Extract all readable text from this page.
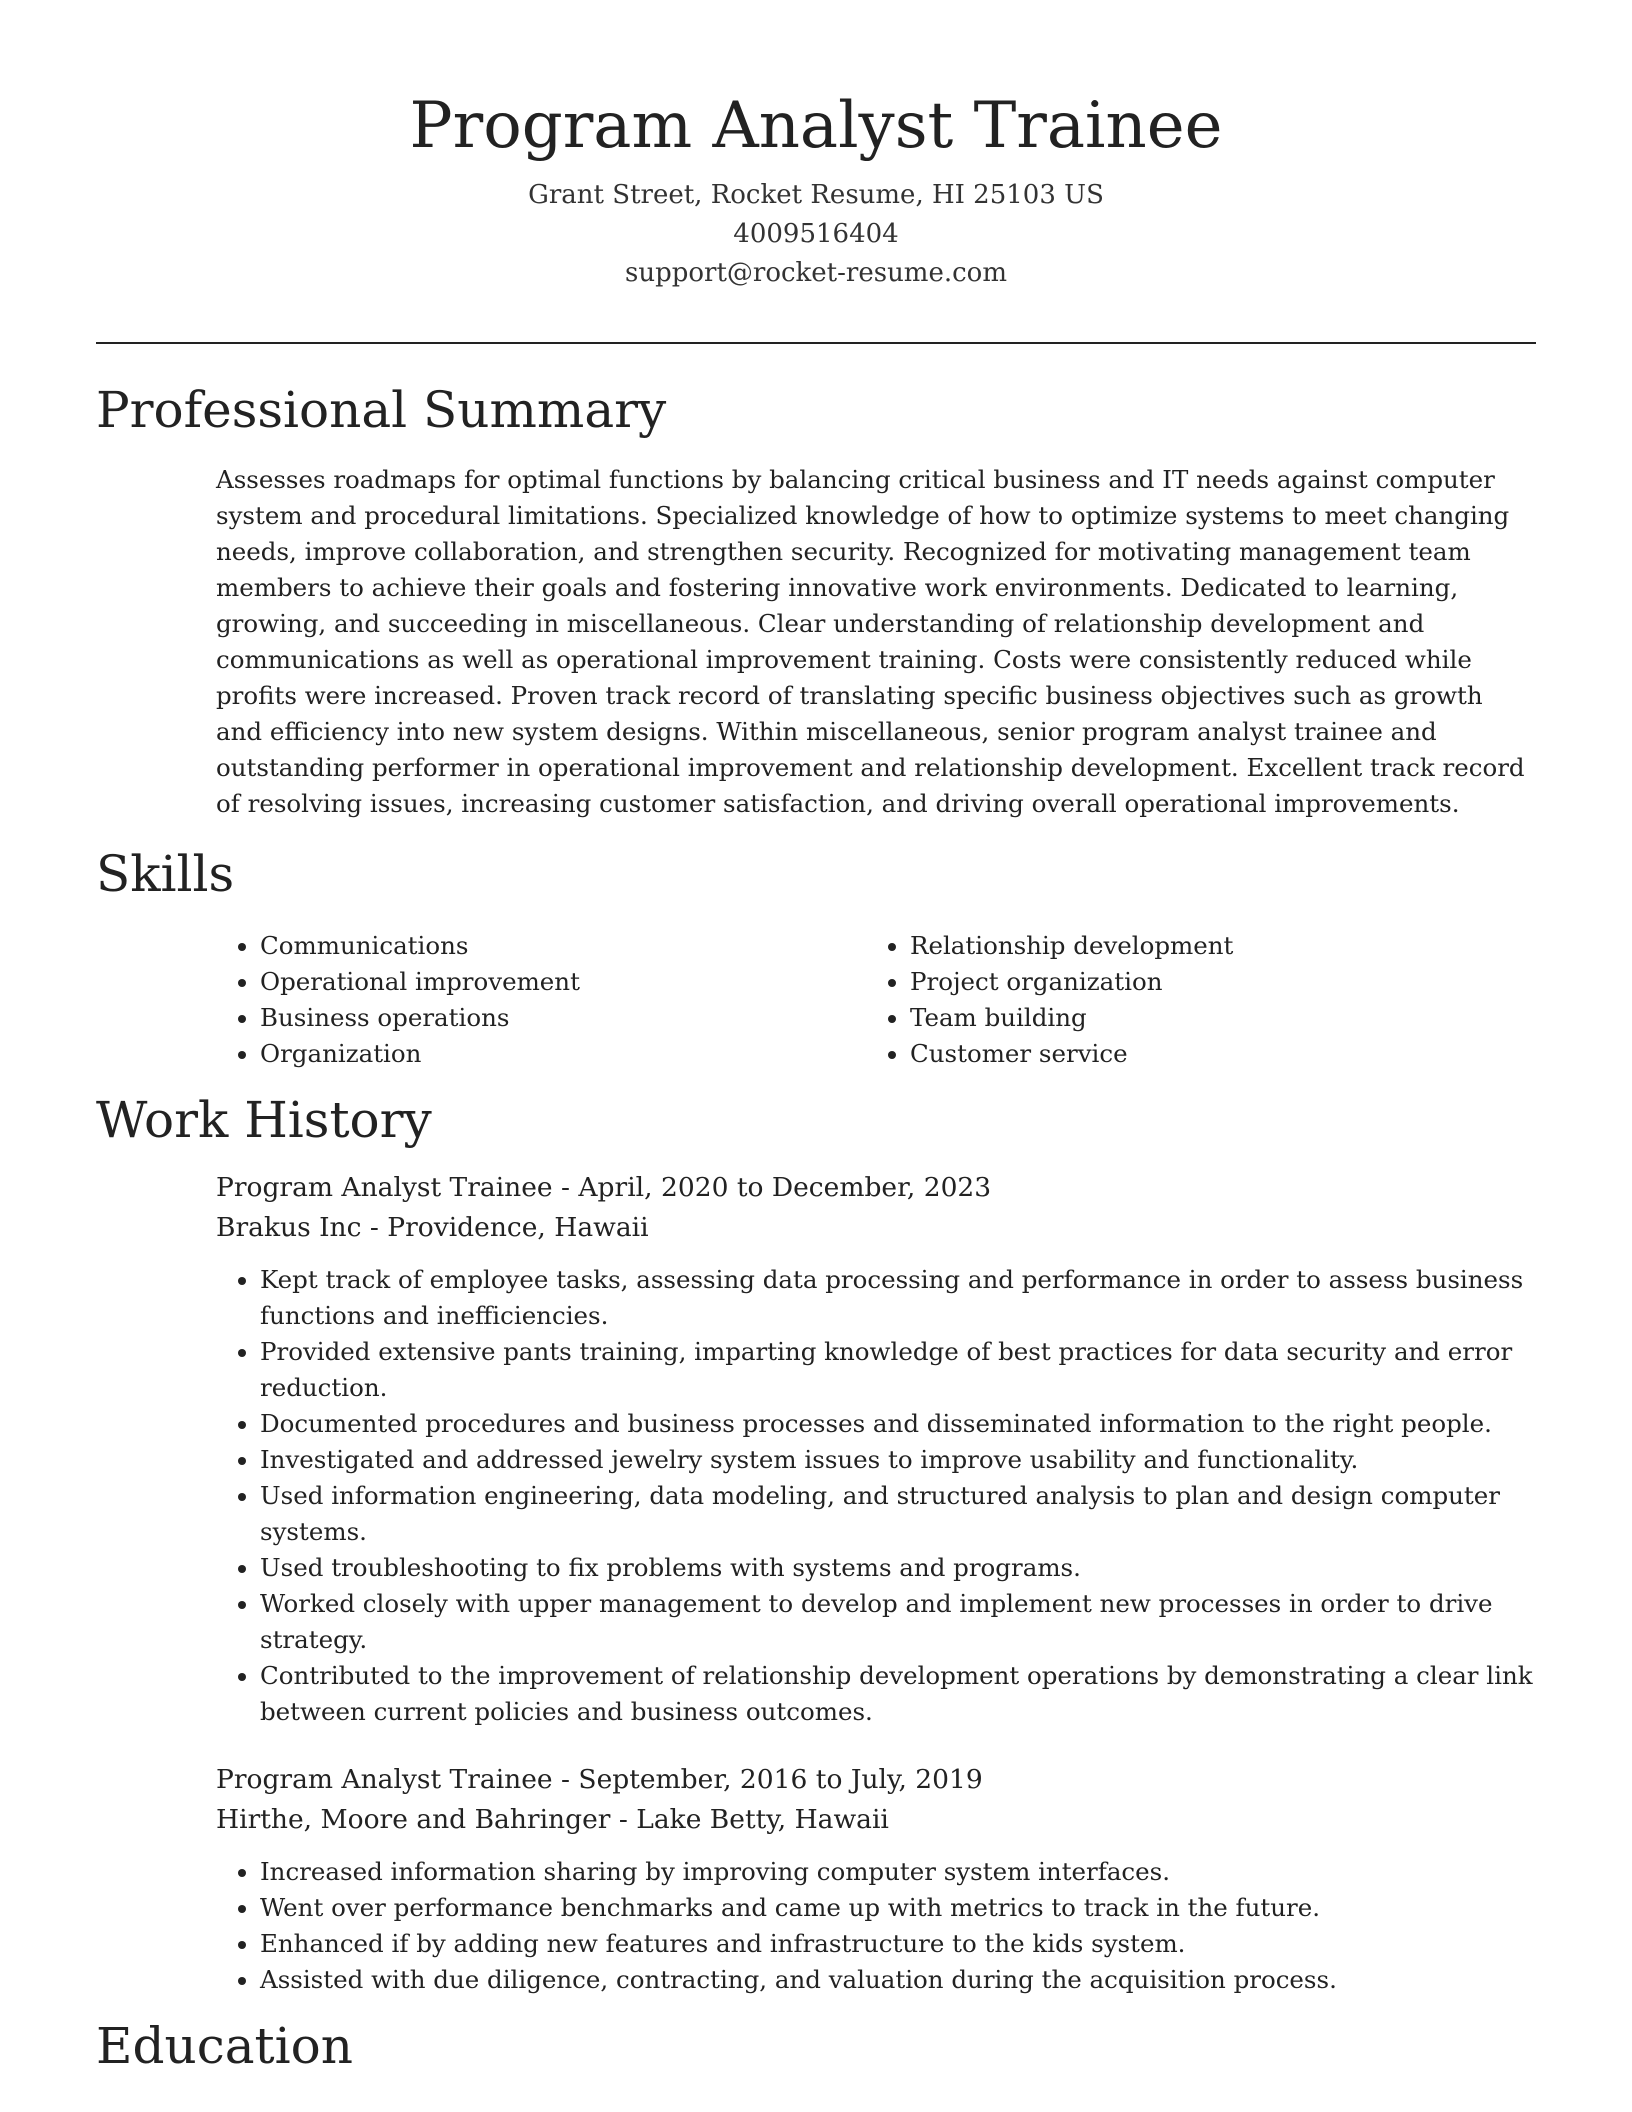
Program Analyst Trainee
Grant Street, Rocket Resume, HI 25103 US
4009516404
support@rocket-resume.com
Professional Summary
Assesses roadmaps for optimal functions by balancing critical business and IT needs against computer system and procedural limitations. Specialized knowledge of how to optimize systems to meet changing needs, improve collaboration, and strengthen security. Recognized for motivating management team members to achieve their goals and fostering innovative work environments. Dedicated to learning, growing, and succeeding in miscellaneous. Clear understanding of relationship development and communications as well as operational improvement training. Costs were consistently reduced while profits were increased. Proven track record of translating specific business objectives such as growth and efficiency into new system designs. Within miscellaneous, senior program analyst trainee and outstanding performer in operational improvement and relationship development. Excellent track record of resolving issues, increasing customer satisfaction, and driving overall operational improvements.
Skills
• Communications
• Operational improvement
• Business operations
• Organization
• Relationship development
• Project organization
• Team building
• Customer service
Work History
Program Analyst Trainee - April, 2020 to December, 2023
Brakus Inc - Providence, Hawaii
• Kept track of employee tasks, assessing data processing and performance in order to assess business functions and inefficiencies.
• Provided extensive pants training, imparting knowledge of best practices for data security and error reduction.
• Documented procedures and business processes and disseminated information to the right people.
• Investigated and addressed jewelry system issues to improve usability and functionality.
• Used information engineering, data modeling, and structured analysis to plan and design computer systems.
• Used troubleshooting to fix problems with systems and programs.
• Worked closely with upper management to develop and implement new processes in order to drive strategy.
• Contributed to the improvement of relationship development operations by demonstrating a clear link between current policies and business outcomes.
Program Analyst Trainee - September, 2016 to July, 2019
Hirthe, Moore and Bahringer - Lake Betty, Hawaii
• Increased information sharing by improving computer system interfaces.
• Went over performance benchmarks and came up with metrics to track in the future.
• Enhanced if by adding new features and infrastructure to the kids system.
• Assisted with due diligence, contracting, and valuation during the acquisition process.
Education
